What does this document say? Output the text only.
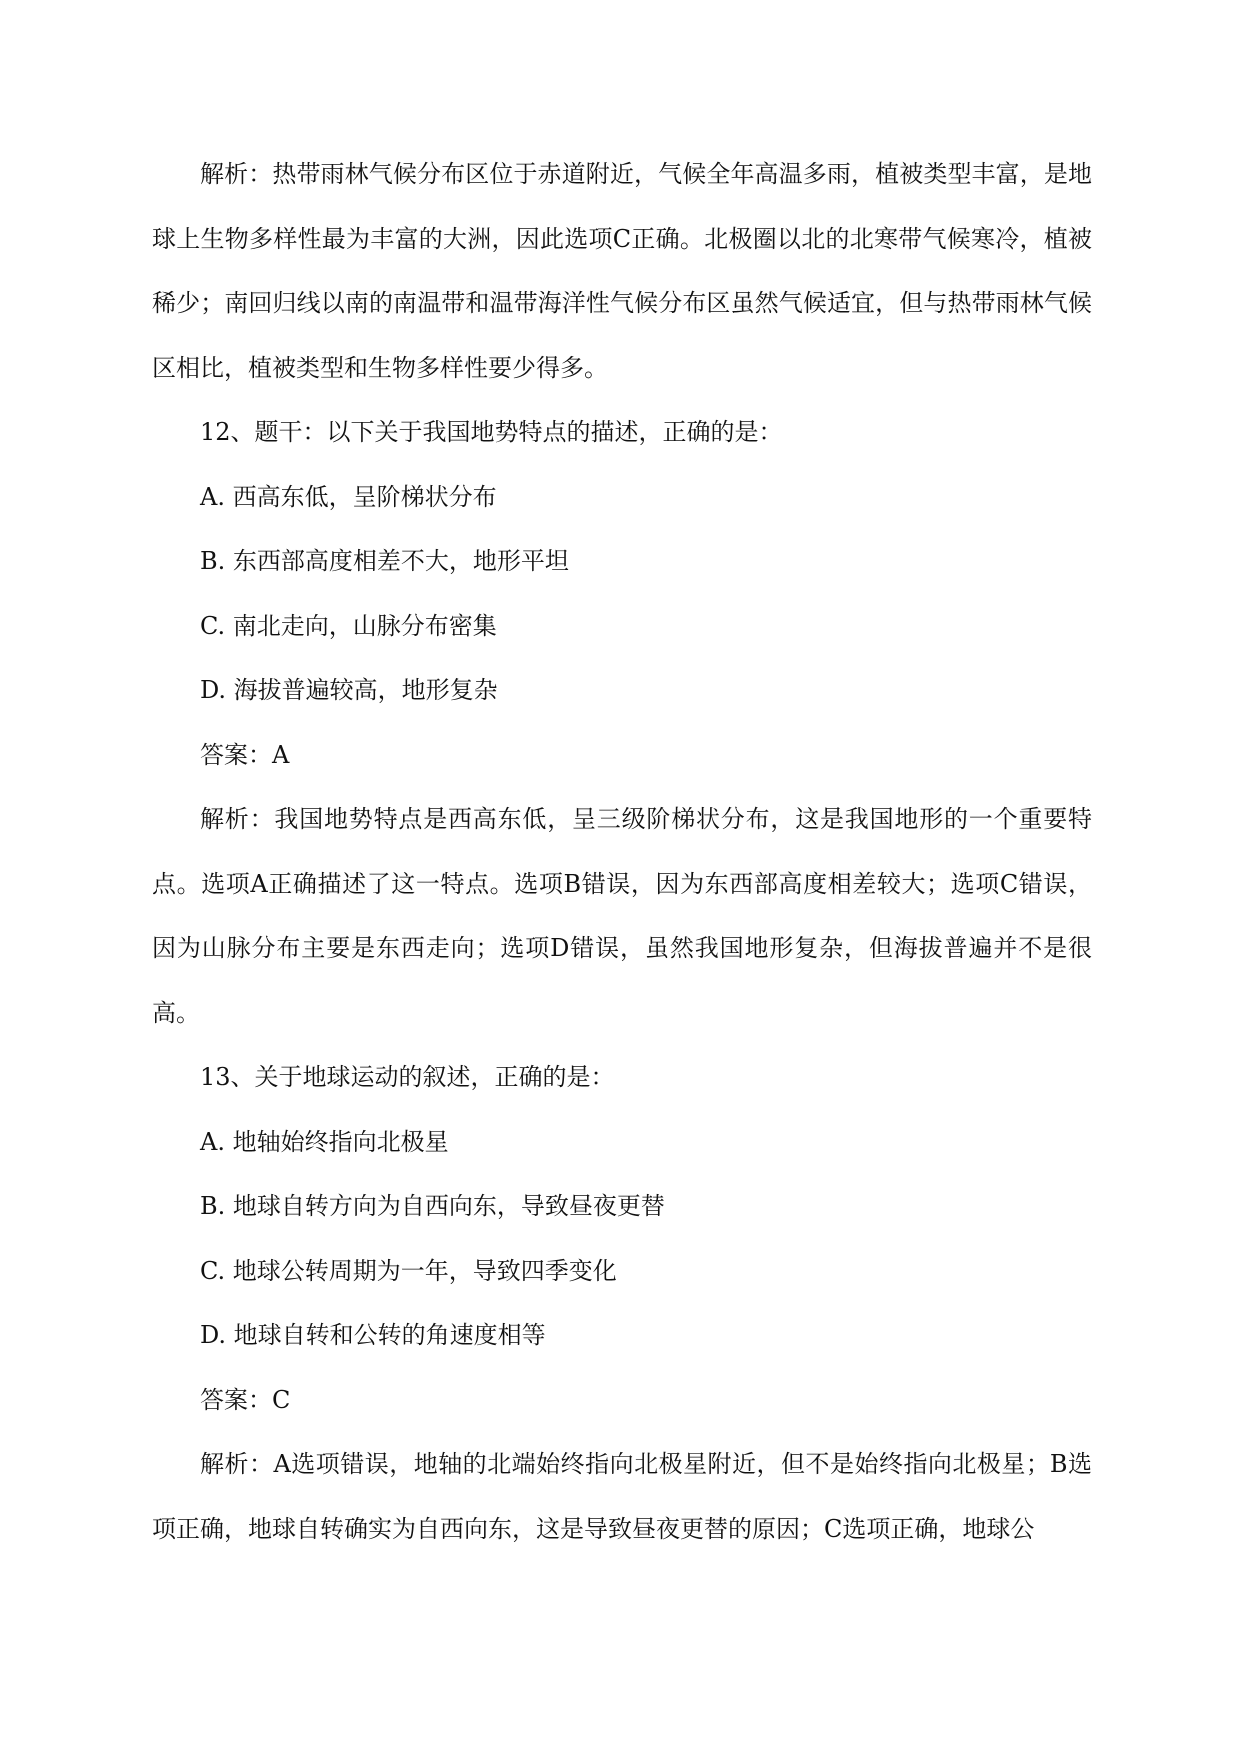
解析：热带雨林气候分布区位于赤道附近，气候全年高温多雨，植被类型丰富，是地球上生物多样性最为丰富的大洲，因此选项C正确。北极圈以北的北寒带气候寒冷，植被稀少；南回归线以南的南温带和温带海洋性气候分布区虽然气候适宜，但与热带雨林气候区相比，植被类型和生物多样性要少得多。

12、题干：以下关于我国地势特点的描述，正确的是：

A. 西高东低，呈阶梯状分布

B. 东西部高度相差不大，地形平坦

C. 南北走向，山脉分布密集

D. 海拔普遍较高，地形复杂

答案：A

解析：我国地势特点是西高东低，呈三级阶梯状分布，这是我国地形的一个重要特点。选项A正确描述了这一特点。选项B错误，因为东西部高度相差较大；选项C错误，因为山脉分布主要是东西走向；选项D错误，虽然我国地形复杂，但海拔普遍并不是很高。

13、关于地球运动的叙述，正确的是：

A. 地轴始终指向北极星

B. 地球自转方向为自西向东，导致昼夜更替

C. 地球公转周期为一年，导致四季变化

D. 地球自转和公转的角速度相等

答案：C

解析：A选项错误，地轴的北端始终指向北极星附近，但不是始终指向北极星；B选项正确，地球自转确实为自西向东，这是导致昼夜更替的原因；C选项正确，地球公
